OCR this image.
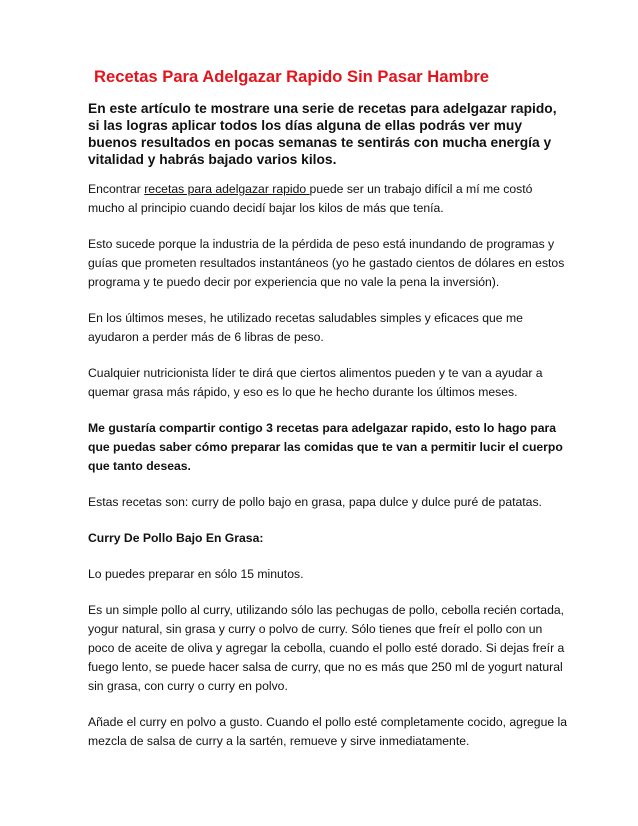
Recetas Para Adelgazar Rapido Sin Pasar Hambre

En este artículo te mostrare una serie de recetas para adelgazar rapido, si las logras aplicar todos los días alguna de ellas podrás ver muy buenos resultados en pocas semanas te sentirás con mucha energía y vitalidad y habrás bajado varios kilos.

Encontrar recetas para adelgazar rapido puede ser un trabajo difícil a mí me costó mucho al principio cuando decidí bajar los kilos de más que tenía.

Esto sucede porque la industria de la pérdida de peso está inundando de programas y guías que prometen resultados instantáneos (yo he gastado cientos de dólares en estos programa y te puedo decir por experiencia que no vale la pena la inversión).

En los últimos meses, he utilizado recetas saludables simples y eficaces que me ayudaron a perder más de 6 libras de peso.

Cualquier nutricionista líder te dirá que ciertos alimentos pueden y te van a ayudar a quemar grasa más rápido, y eso es lo que he hecho durante los últimos meses.

Me gustaría compartir contigo 3 recetas para adelgazar rapido, esto lo hago para que puedas saber cómo preparar las comidas que te van a permitir lucir el cuerpo que tanto deseas.

Estas recetas son: curry de pollo bajo en grasa, papa dulce y dulce puré de patatas.

Curry De Pollo Bajo En Grasa:

Lo puedes preparar en sólo 15 minutos.

Es un simple pollo al curry, utilizando sólo las pechugas de pollo, cebolla recién cortada, yogur natural, sin grasa y curry o polvo de curry. Sólo tienes que freír el pollo con un poco de aceite de oliva y agregar la cebolla, cuando el pollo esté dorado. Si dejas freír a fuego lento, se puede hacer salsa de curry, que no es más que 250 ml de yogurt natural sin grasa, con curry o curry en polvo.

Añade el curry en polvo a gusto. Cuando el pollo esté completamente cocido, agregue la mezcla de salsa de curry a la sartén, remueve y sirve inmediatamente.
